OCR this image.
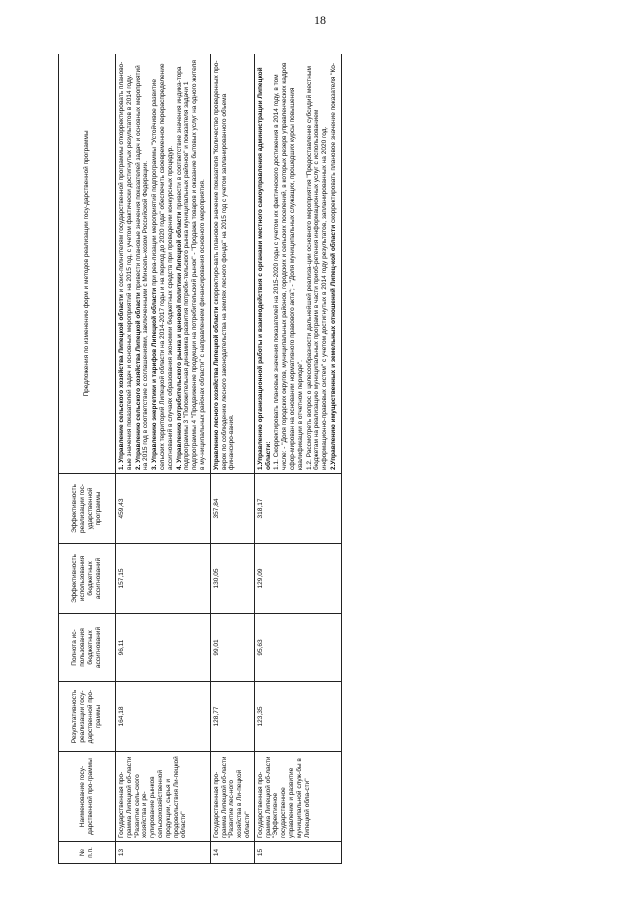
18
№ п.п.	Наименование госу-дарственной про-граммы	Результативность реализации госу-дарственной про-граммы	Полнота ис-пользования бюджетных ассигнований	Эффективность использования бюджетных ассигнований	Эффективность реализации гос-ударственной программы	Предложения по изменению форм и методов реализации госу-дарственной программы
13	Государственная про-грамма Липецкой об-ласти "Развитие сель-ского хозяйства и ре-гулирование рынков сельскохозяйственной продукции, сырья и продовольствия Ли-пецкой области"	164,18	96,11	157,15	459,43	1. Управление сельского хозяйства Липецкой области и соис-полнителям государственной программы откорректировать планово-вые значения показателей задач и основных мероприятий на 2015 год, с учетом фактически достигнутых результатов в 2014 году. 2. Управлению сельского хозяйства Липецкой области привести плановые значения показателей задач и основных мероприятий на 2015 год в соответствие с соглашениями, заключенными с Минсель-хозом Российской Федерации. 3. Управлению энергетики и тарифов Липецкой области при реа-лизации мероприятий подпрограммы "Устойчивое развитие сельских территорий Липецкой области на 2014-2017 годы и на период до 2020 года" обеспечить своевременное перераспределение ассигнований в случаях образования экономии бюджетных средств при проведении конкурсных процедур. 4. Управлению потребительского рынка и ценовой политики Липецкой области привести в соответствие значения индика-тора подпрограммы 3 "Положительная динамика развития потреби-тельского рынка муниципальных районов" и показателя задачи 1 подпрограммы 4 "Продвижение продукции на потребительский рынок" - "Продажа товаров и оказание бытовых услуг на одного жителя в му-ниципальных районах области" с направлением финансирования основного мероприятия.

14	Государственная про-грамма Липецкой об-ласти "Развитие лес-ного хозяйства в Ли-пецкой области"	128,77	99,01	130,05	357,84	Управлению лесного хозяйства Липецкой области скорректиро-вать плановое значение показателя "Количество проведенных про-верок по соблюдению лесного законодательства на землях лесного фонда" на 2015 год с учетом запланированного объема финансиро-вания.

15	Государственная про-грамма Липецкой об-ласти "Эффективное государственное управление и развитие муниципальной служ-бы в Липецкой обла-сти"	123,35	95,63	129,09	318,17	1.Управлению организационной работы и взаимодействия с органами местного самоуправления администрации Липецкой области: 1.1. Скорректировать плановые значения показателей на 2015-2020 годы с учетом их фактического достижения в 2014 году, в том числе: - "Доля городских округов, муниципальных районов, городских и сельских поселений, в которых резерв управленческих кадров сфор-мирован на основании нормативного правового акта"; - "Доля муниципальных служащих, прошедших курсы повышения квалификации в отчетном периоде". 1.2. Рассмотреть вопрос о целесообразности дальнейшей реализа-ции основного мероприятия "Предоставление субсидий местным бюджетам на реализацию муниципальных программ в части приоб-ретения информационных услуг с использованием информационно-правовых систем" с учетом достигнутых в 2014 году результатов, запланированных на 2020 год. 2.Управлению имущественных и земельных отношений Липец-кой области скорректировать плановое значение показателя "Ко-
